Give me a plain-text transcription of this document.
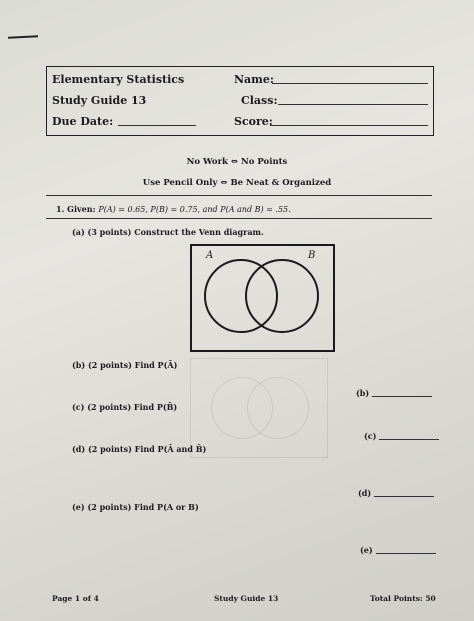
Elementary Statistics
Study Guide 13
Due Date:
Name:
Class:
Score:
No Work ⇔ No Points
Use Pencil Only ⇔ Be Neat & Organized
1. Given: P(A) = 0.65, P(B) = 0.75, and P(A and B) = .55.
(a) (3 points) Construct the Venn diagram.
A	B
(b) (2 points) Find P(Ā)
(b)
(c) (2 points) Find P(B̄)
(c)
(d) (2 points) Find P(Ā and B̄)
(d)
(e) (2 points) Find P(A or B)
(e)
Page 1 of 4	Study Guide 13	Total Points: 50
